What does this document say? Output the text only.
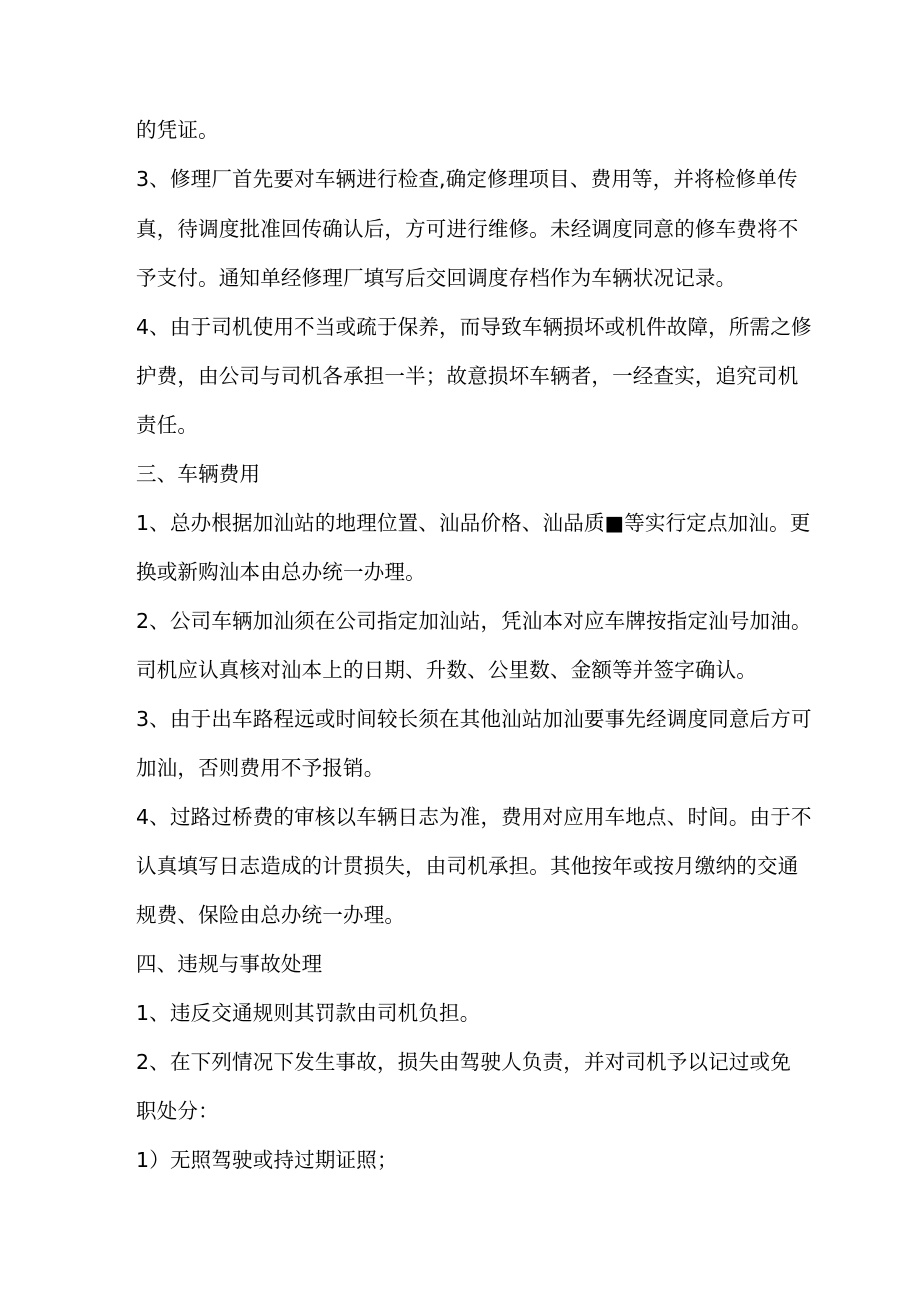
的凭证。
3、修理厂首先要对车辆进行检查,确定修理项目、费用等，并将检修单传
真，待调度批准回传确认后，方可进行维修。未经调度同意的修车费将不
予支付。通知单经修理厂填写后交回调度存档作为车辆状况记录。
4、由于司机使用不当或疏于保养，而导致车辆损坏或机件故障，所需之修
护费，由公司与司机各承担一半；故意损坏车辆者，一经查实，追究司机
责任。
三、车辆费用
1、总办根据加汕站的地理位置、汕品价格、汕品质■等实行定点加汕。更
换或新购汕本由总办统一办理。
2、公司车辆加汕须在公司指定加汕站，凭汕本对应车牌按指定汕号加油。
司机应认真核对汕本上的日期、升数、公里数、金额等并签字确认。
3、由于出车路程远或时间较长须在其他汕站加汕要事先经调度同意后方可
加汕，否则费用不予报销。
4、过路过桥费的审核以车辆日志为准，费用对应用车地点、时间。由于不
认真填写日志造成的计贯损失，由司机承担。其他按年或按月缴纳的交通
规费、保险由总办统一办理。
四、违规与事故处理
1、违反交通规则其罚款由司机负担。
2、在下列情况下发生事故，损失由驾驶人负责，并对司机予以记过或免
职处分：
1）无照驾驶或持过期证照；
